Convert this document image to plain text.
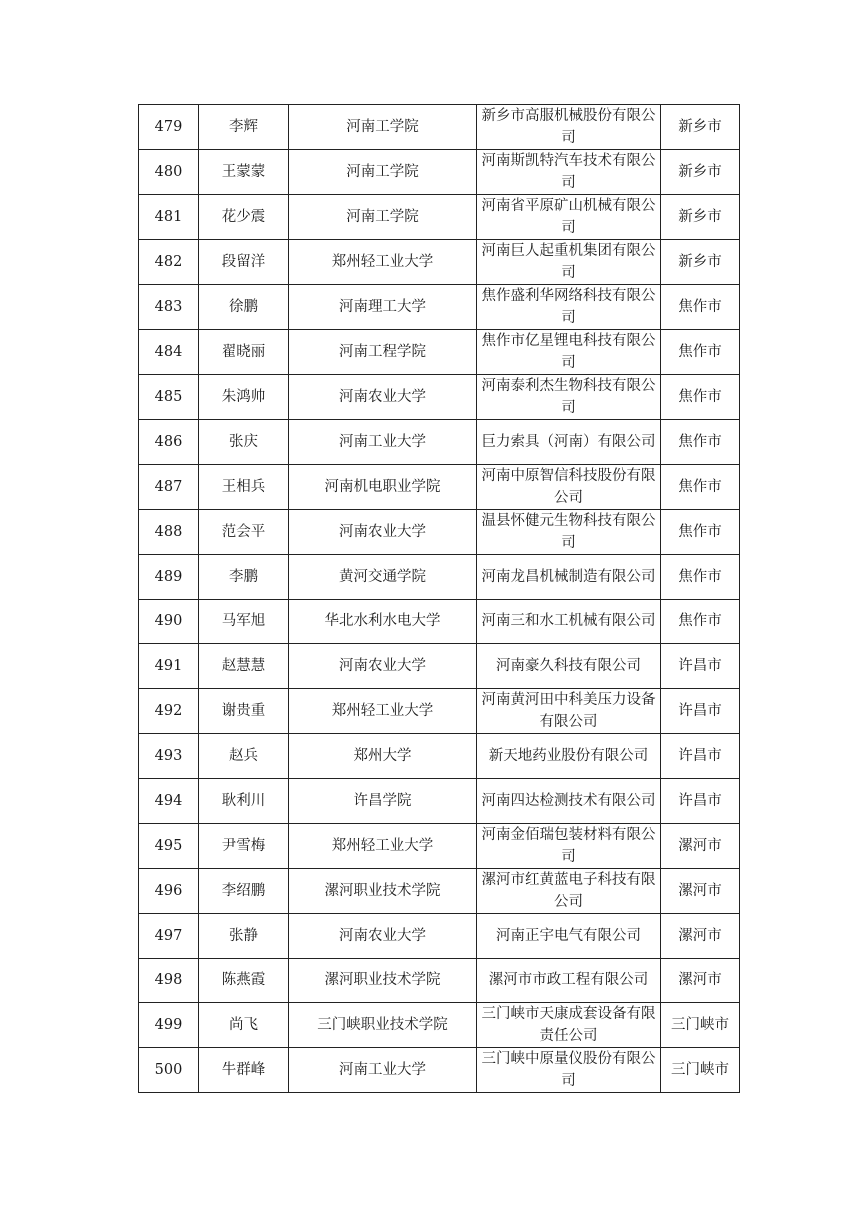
479	李辉	河南工学院	新乡市高服机械股份有限公司	新乡市
480	王蒙蒙	河南工学院	河南斯凯特汽车技术有限公司	新乡市
481	花少震	河南工学院	河南省平原矿山机械有限公司	新乡市
482	段留洋	郑州轻工业大学	河南巨人起重机集团有限公司	新乡市
483	徐鹏	河南理工大学	焦作盛利华网络科技有限公司	焦作市
484	翟晓丽	河南工程学院	焦作市亿星锂电科技有限公司	焦作市
485	朱鸿帅	河南农业大学	河南泰利杰生物科技有限公司	焦作市
486	张庆	河南工业大学	巨力索具（河南）有限公司	焦作市
487	王相兵	河南机电职业学院	河南中原智信科技股份有限公司	焦作市
488	范会平	河南农业大学	温县怀健元生物科技有限公司	焦作市
489	李鹏	黄河交通学院	河南龙昌机械制造有限公司	焦作市
490	马军旭	华北水利水电大学	河南三和水工机械有限公司	焦作市
491	赵慧慧	河南农业大学	河南豪久科技有限公司	许昌市
492	谢贵重	郑州轻工业大学	河南黄河田中科美压力设备有限公司	许昌市
493	赵兵	郑州大学	新天地药业股份有限公司	许昌市
494	耿利川	许昌学院	河南四达检测技术有限公司	许昌市
495	尹雪梅	郑州轻工业大学	河南金佰瑞包装材料有限公司	漯河市
496	李绍鹏	漯河职业技术学院	漯河市红黄蓝电子科技有限公司	漯河市
497	张静	河南农业大学	河南正宇电气有限公司	漯河市
498	陈燕霞	漯河职业技术学院	漯河市市政工程有限公司	漯河市
499	尚飞	三门峡职业技术学院	三门峡市天康成套设备有限责任公司	三门峡市
500	牛群峰	河南工业大学	三门峡中原量仪股份有限公司	三门峡市
